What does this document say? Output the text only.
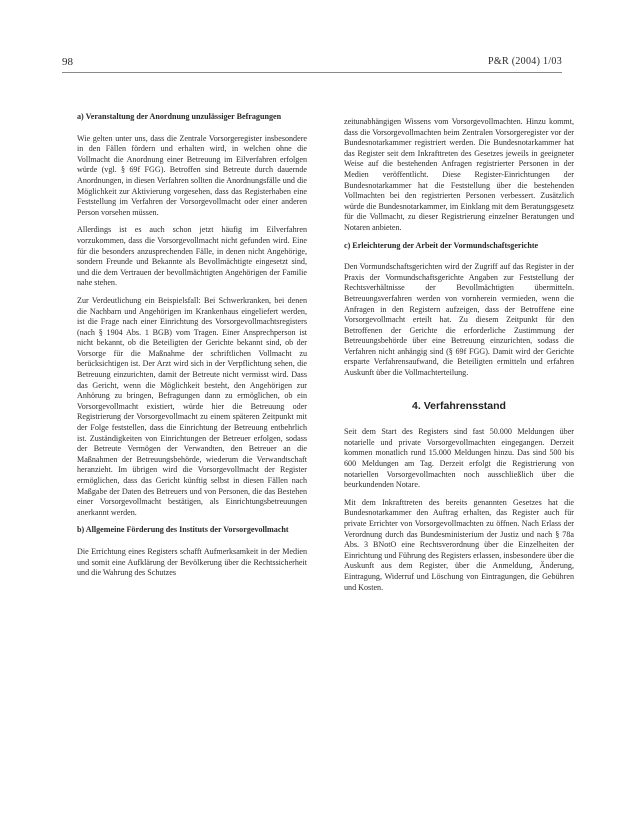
98	P&R (2004) 1/03
a) Veranstaltung der Anordnung unzulässiger Befragungen

Wie gelten unter uns, dass die Zentrale Vorsorgeregister insbesondere in den Fällen fördern und erhalten wird, in welchen ohne die Vollmacht die Anordnung einer Betreuung im Eilverfahren erfolgen würde (vgl. § 69f FGG). Betroffen sind Betreute durch dauernde Anordnungen, in diesen Verfahren sollten die Anordnungsfälle und die Möglichkeit zur Aktivierung vorgesehen, dass das Registerhaben eine Feststellung im Verfahren der Vorsorgevollmacht oder einer anderen Person vorsehen müssen.

Allerdings ist es auch schon jetzt häufig im Eilverfahren vorzukommen, dass die Vorsorgevollmacht nicht gefunden wird. Eine für die besonders anzusprechenden Fälle, in denen nicht Angehörige, sondern Freunde und Bekannte als Bevollmächtigte eingesetzt sind, und die dem Vertrauen der bevollmächtigten Angehörigen der Familie nahe stehen.

Zur Verdeutlichung ein Beispielsfall: Bei Schwerkranken, bei denen die Nachbarn und Angehörigen im Krankenhaus eingeliefert werden, ist die Frage nach einer Einrichtung des Vorsorgevollmachtsregisters (nach § 1904 Abs. 1 BGB) vom Tragen. Einer Ansprechperson ist nicht bekannt, ob die Beteiligten der Gerichte bekannt sind, ob der Vorsorge für die Maßnahme der schriftlichen Vollmacht zu berücksichtigen ist. Der Arzt wird sich in der Verpflichtung sehen, die Betreuung einzurichten, damit der Betreute nicht vermisst wird. Dass das Gericht, wenn die Möglichkeit besteht, den Angehörigen zur Anhörung zu bringen, Befragungen dann zu ermöglichen, ob ein Vorsorgevollmacht existiert, würde hier die Betreuung oder Registrierung der Vorsorgevollmacht zu einem späteren Zeitpunkt mit der Folge feststellen, dass die Einrichtung der Betreuung entbehrlich ist. Zuständigkeiten von Einrichtungen der Betreuer erfolgen, sodass der Betreute Vermögen der Verwandten, den Betreuer an die Maßnahmen der Betreuungsbehörde, wiederum die Verwandtschaft heranzieht. Im übrigen wird die Vorsorgevollmacht der Register ermöglichen, dass das Gericht künftig selbst in diesen Fällen nach Maßgabe der Daten des Betreuers und von Personen, die das Bestehen einer Vorsorgevollmacht bestätigen, als Einrichtungsbetreuungen anerkannt werden.

b) Allgemeine Förderung des Instituts der Vorsorgevollmacht

Die Errichtung eines Registers schafft Aufmerksamkeit in der Medien und somit eine Aufklärung der Bevölkerung über die Rechtssicherheit und die Wahrung des Schutzes

zeitunabhängigen Wissens vom Vorsorgevollmachten. Hinzu kommt, dass die Vorsorgevollmachten beim Zentralen Vorsorgeregister vor der Bundesnotarkammer registriert werden. Die Bundesnotarkammer hat das Register seit dem Inkrafttreten des Gesetzes jeweils in geeigneter Weise auf die bestehenden Anfragen registrierter Personen in der Medien veröffentlicht. Diese Register-Einrichtungen der Bundesnotarkammer hat die Feststellung über die bestehenden Vollmachten bei den registrierten Personen verbessert. Zusätzlich würde die Bundesnotarkammer, im Einklang mit dem Beratungsgesetz für die Vollmacht, zu dieser Registrierung einzelner Beratungen und Notaren anbieten.

c) Erleichterung der Arbeit der Vormundschaftsgerichte

Den Vormundschaftsgerichten wird der Zugriff auf das Register in der Praxis der Vormundschaftsgerichte Angaben zur Feststellung der Rechtsverhältnisse der Bevollmächtigten übermitteln. Betreuungsverfahren werden von vornherein vermieden, wenn die Anfragen in den Registern aufzeigen, dass der Betroffene eine Vorsorgevollmacht erteilt hat. Zu diesem Zeitpunkt für den Betroffenen der Gerichte die erforderliche Zustimmung der Betreuungsbehörde über eine Betreuung einzurichten, sodass die Verfahren nicht anhängig sind (§ 69f FGG). Damit wird der Gerichte ersparte Verfahrensaufwand, die Beteiligten ermitteln und erfahren Auskunft über die Vollmachterteilung.

4. Verfahrensstand

Seit dem Start des Registers sind fast 50.000 Meldungen über notarielle und private Vorsorgevollmachten eingegangen. Derzeit kommen monatlich rund 15.000 Meldungen hinzu. Das sind 500 bis 600 Meldungen am Tag. Derzeit erfolgt die Registrierung von notariellen Vorsorgevollmachten noch ausschließlich über die beurkundenden Notare.

Mit dem Inkrafttreten des bereits genannten Gesetzes hat die Bundesnotarkammer den Auftrag erhalten, das Register auch für private Errichter von Vorsorgevollmachten zu öffnen. Nach Erlass der Verordnung durch das Bundesministerium der Justiz und nach § 78a Abs. 3 BNotO eine Rechtsverordnung über die Einzelheiten der Einrichtung und Führung des Registers erlassen, insbesondere über die Auskunft aus dem Register, über die Anmeldung, Änderung, Eintragung, Widerruf und Löschung von Eintragungen, die Gebühren und Kosten.
